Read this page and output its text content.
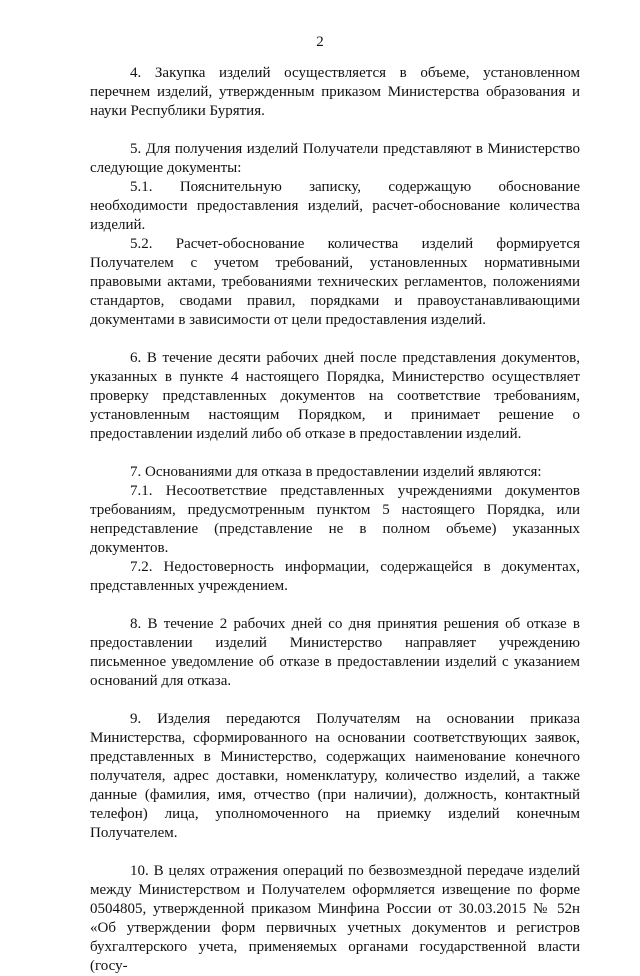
2

4. Закупка изделий осуществляется в объеме, установленном перечнем изделий, утвержденным приказом Министерства образования и науки Республики Бурятия.

5. Для получения изделий Получатели представляют в Министерство следующие документы:

5.1. Пояснительную записку, содержащую обоснование необходимости предоставления изделий, расчет-обоснование количества изделий.

5.2. Расчет-обоснование количества изделий формируется Получателем с учетом требований, установленных нормативными правовыми актами, требованиями технических регламентов, положениями стандартов, сводами правил, порядками и правоустанавливающими документами в зависимости от цели предоставления изделий.

6. В течение десяти рабочих дней после представления документов, указанных в пункте 4 настоящего Порядка, Министерство осуществляет проверку представленных документов на соответствие требованиям, установленным настоящим Порядком, и принимает решение о предоставлении изделий либо об отказе в предоставлении изделий.

7. Основаниями для отказа в предоставлении изделий являются:

7.1. Несоответствие представленных учреждениями документов требованиям, предусмотренным пунктом 5 настоящего Порядка, или непредставление (представление не в полном объеме) указанных документов.

7.2. Недостоверность информации, содержащейся в документах, представленных учреждением.

8. В течение 2 рабочих дней со дня принятия решения об отказе в предоставлении изделий Министерство направляет учреждению письменное уведомление об отказе в предоставлении изделий с указанием оснований для отказа.

9. Изделия передаются Получателям на основании приказа Министерства, сформированного на основании соответствующих заявок, представленных в Министерство, содержащих наименование конечного получателя, адрес доставки, номенклатуру, количество изделий, а также данные (фамилия, имя, отчество (при наличии), должность, контактный телефон) лица, уполномоченного на приемку изделий конечным Получателем.

10. В целях отражения операций по безвозмездной передаче изделий между Министерством и Получателем оформляется извещение по форме 0504805, утвержденной приказом Минфина России от 30.03.2015 № 52н «Об утверждении форм первичных учетных документов и регистров бухгалтерского учета, применяемых органами государственной власти (госу-
